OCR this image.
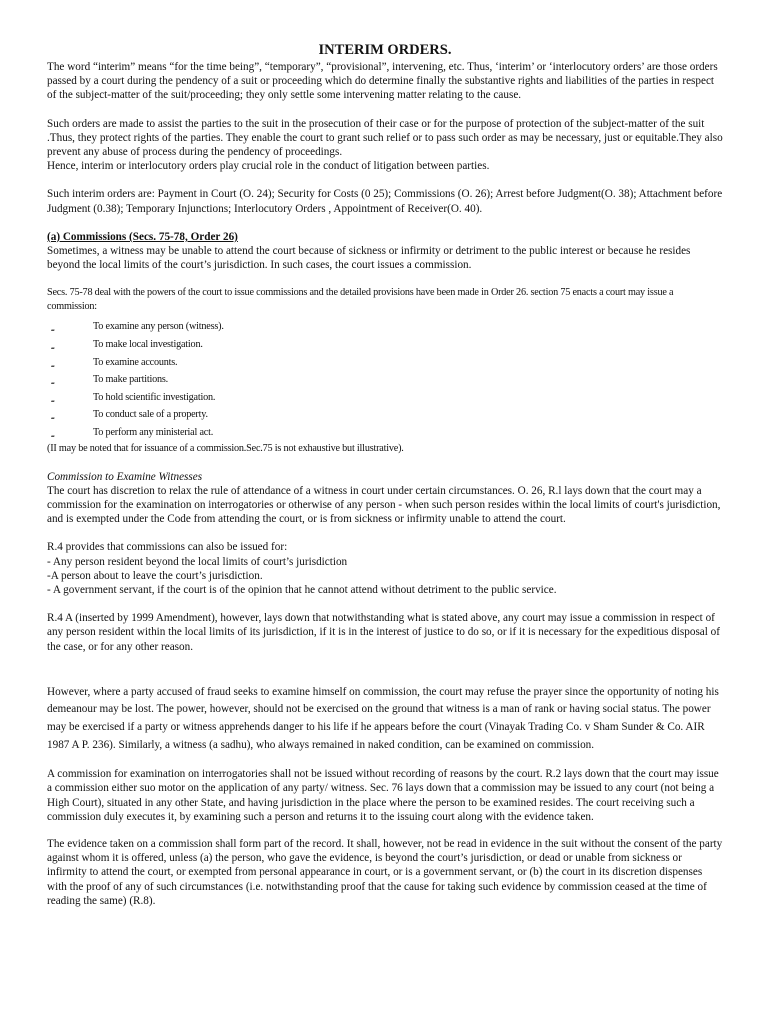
INTERIM ORDERS.

The word “interim” means “for the time being”, “temporary”, “provisional”, intervening, etc. Thus, ‘interim’ or ‘interlocutory orders’ are those orders passed by a court during the pendency of a suit or proceeding which do determine finally the substantive rights and liabilities of the parties in respect of the subject-matter of the suit/proceeding; they only settle some intervening matter relating to the cause.

Such orders are made to assist the parties to the suit in the prosecution of their case or for the purpose of protection of the subject-matter of the suit .Thus, they protect rights of the parties. They enable the court to grant such relief or to pass such order as may be necessary, just or equitable.They also prevent any abuse of process during the pendency of proceedings.

Hence, interim or interlocutory orders play crucial role in the conduct of litigation between parties.

Such interim orders are: Payment in Court (O. 24); Security for Costs (0 25); Commissions (O. 26); Arrest before Judgment(O. 38); Attachment before Judgment (0.38); Temporary Injunctions; Interlocutory Orders , Appointment of Receiver(O. 40).

(a) Commissions (Secs. 75-78, Order 26)

Sometimes, a witness may be unable to attend the court because of sickness or infirmity or detriment to the public interest or because he resides beyond the local limits of the court’s jurisdiction. In such cases, the court issues a commission.

Secs. 75-78 deal with the powers of the court to issue commissions and the detailed provisions have been made in Order 26. section 75 enacts a court may issue a commission:

-	To examine any person (witness).
-	To make local investigation.
-	To examine accounts.
-	To make partitions.
-	To hold scientific investigation.
-	To conduct sale of a property.
-	To perform any ministerial act.

(II may be noted that for issuance of a commission.Sec.75 is not exhaustive but illustrative).

Commission to Examine Witnesses

The court has discretion to relax the rule of attendance of a witness in court under certain circumstances. O. 26, R.l lays down that the court may a commission for the examination on interrogatories or otherwise of any person - when such person resides within the local limits of court's jurisdiction, and is exempted under the Code from attending the court, or is from sickness or infirmity unable to attend the court.

R.4 provides that commissions can also be issued for:

- Any person resident beyond the local limits of court’s jurisdiction

-A person about to leave the court’s jurisdiction.

- A government servant, if the court is of the opinion that he cannot attend without detriment to the public service.

R.4 A (inserted by 1999 Amendment), however, lays down that notwithstanding what is stated above, any court may issue a commission in respect of any person resident within the local limits of its jurisdiction, if it is in the interest of justice to do so, or if it is necessary for the expeditious disposal of the case, or for any other reason.

However, where a party accused of fraud seeks to examine himself on commission, the court may refuse the prayer since the opportunity of noting his demeanour may be lost. The power, however, should not be exercised on the ground that witness is a man of rank or having social status. The power may be exercised if a party or witness apprehends danger to his life if he appears before the court (Vinayak Trading Co. v Sham Sunder & Co. AIR 1987 A P. 236). Similarly, a witness (a sadhu), who always remained in naked condition, can be examined on commission.

A commission for examination on interrogatories shall not be issued without recording of reasons by the court. R.2 lays down that the court may issue a commission either suo motor on the application of any party/ witness. Sec. 76 lays down that a commission may be issued to any court (not being a High Court), situated in any other State, and having jurisdiction in the place where the person to be examined resides. The court receiving such a commission duly executes it, by examining such a person and returns it to the issuing court along with the evidence taken.

The evidence taken on a commission shall form part of the record. It shall, however, not be read in evidence in the suit without the consent of the party against whom it is offered, unless (a) the person, who gave the evidence, is beyond the court’s jurisdiction, or dead or unable from sickness or infirmity to attend the court, or exempted from personal appearance in court, or is a government servant, or (b) the court in its discretion dispenses with the proof of any of such circumstances (i.e. notwithstanding proof that the cause for taking such evidence by commission ceased at the time of reading the same) (R.8).
